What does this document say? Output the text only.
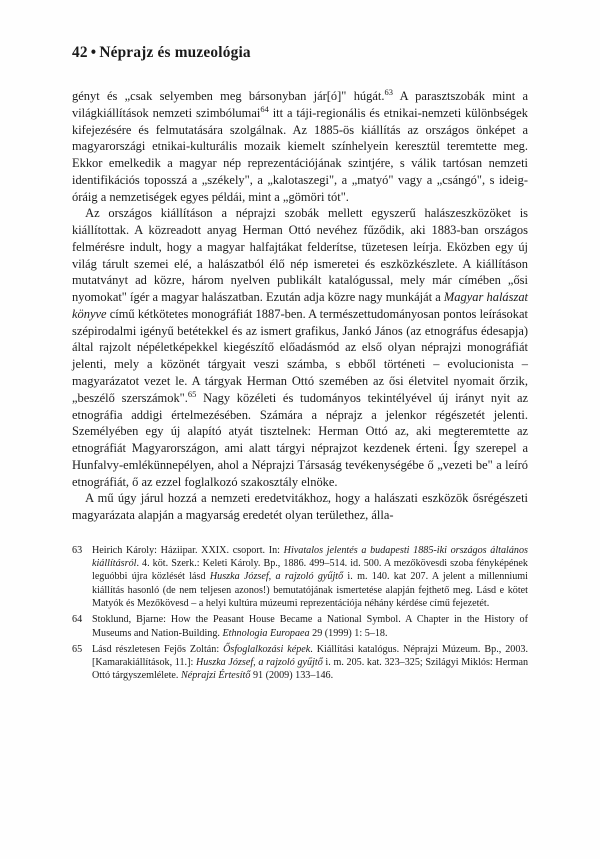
42 • Néprajz és muzeológia

gényt és „csak selyemben meg bársonyban jár[ó]" húgát.$^{63}$ A parasztszobák mint a világkiállítások nemzeti szimbólumai$^{64}$ itt a táji-regionális és etnikai-nemzeti különbségek kifejezésére és felmutatására szolgálnak. Az 1885-ös kiállítás az országos önképet a magyarországi etnikai-kulturális mozaik kiemelt színhelyein keresztül teremtette meg. Ekkor emelkedik a magyar nép reprezentációjának szintjére, s válik tartósan nemzeti identifikációs toposszá a „székely", a „kalotaszegi", a „matyó" vagy a „csángó", s ideig-óráig a nemzetiségek egyes példái, mint a „gömöri tót".

Az országos kiállításon a néprajzi szobák mellett egyszerű halászeszközöket is kiállítottak. A közreadott anyag Herman Ottó nevéhez fűződik, aki 1883-ban országos felmérésre indult, hogy a magyar halfajtákat felderítse, tüzetesen leírja. Eközben egy új világ tárult szemei elé, a halászatból élő nép ismeretei és eszközkészlete. A kiállításon mutatványt ad közre, három nyelven publikált katalógussal, mely már címében „ősi nyomokat" ígér a magyar halászatban. Ezután adja közre nagy munkáját a Magyar halászat könyve című kétkötetes monográfiát 1887-ben. A természettudományosan pontos leírásokat szépirodalmi igényű betétekkel és az ismert grafikus, Jankó János (az etnográfus édesapja) által rajzolt népéletképekkel kiegészítő előadásmód az első olyan néprajzi monográfiát jelenti, mely a közönét tárgyait veszi számba, s ebből történeti – evolucionista – magyarázatot vezet le. A tárgyak Herman Ottó szemében az ősi életvitel nyomait őrzik, „beszélő szerszámok".$^{65}$ Nagy közéleti és tudományos tekintélyével új irányt nyit az etnográfia addigi értelmezésében. Számára a néprajz a jelenkor régészetét jelenti. Személyében egy új alapító atyát tisztelnek: Herman Ottó az, aki megteremtette az etnográfiát Magyarországon, ami alatt tárgyi néprajzot kezdenek érteni. Így szerepel a Hunfalvy-emlékünnepélyen, ahol a Néprajzi Társaság tevékenységébe ő „vezeti be" a leíró etnográfiát, ő az ezzel foglalkozó szakosztály elnöke.

A mű úgy járul hozzá a nemzeti eredetvitákhoz, hogy a halászati eszközök ősrégészeti magyarázata alapján a magyarság eredetét olyan területhez, álla-

63 Heirich Károly: Háziipar. XXIX. csoport. In: Hivatalos jelentés a budapesti 1885-iki országos általános kiállításról. 4. köt. Szerk.: Keleti Károly. Bp., 1886. 499–514. id. 500. A mezőkövesdi szoba fényképének leguóbbi újra közlését lásd Huszka József, a rajzoló gyűjtő i. m. 140. kat 207. A jelent a millenniumi kiállítás hasonló (de nem teljesen azonos!) bemutatójának ismertetése alapján fejthető meg. Lásd e kötet Matyók és Mezőkövesd – a helyi kultúra múzeumi reprezentációja néhány kérdése című fejezetét.
64 Stoklund, Bjarne: How the Peasant House Became a National Symbol. A Chapter in the History of Museums and Nation-Building. Ethnologia Europaea 29 (1999) 1: 5–18.
65 Lásd részletesen Fejős Zoltán: Ősfoglalkozási képek. Kiállítási katalógus. Néprajzi Múzeum. Bp., 2003. [Kamarakiállítások, 11.]: Huszka József, a rajzoló gyűjtő i. m. 205. kat. 323–325; Szilágyi Miklós: Herman Ottó tárgyszemlélete. Néprajzi Értesítő 91 (2009) 133–146.
